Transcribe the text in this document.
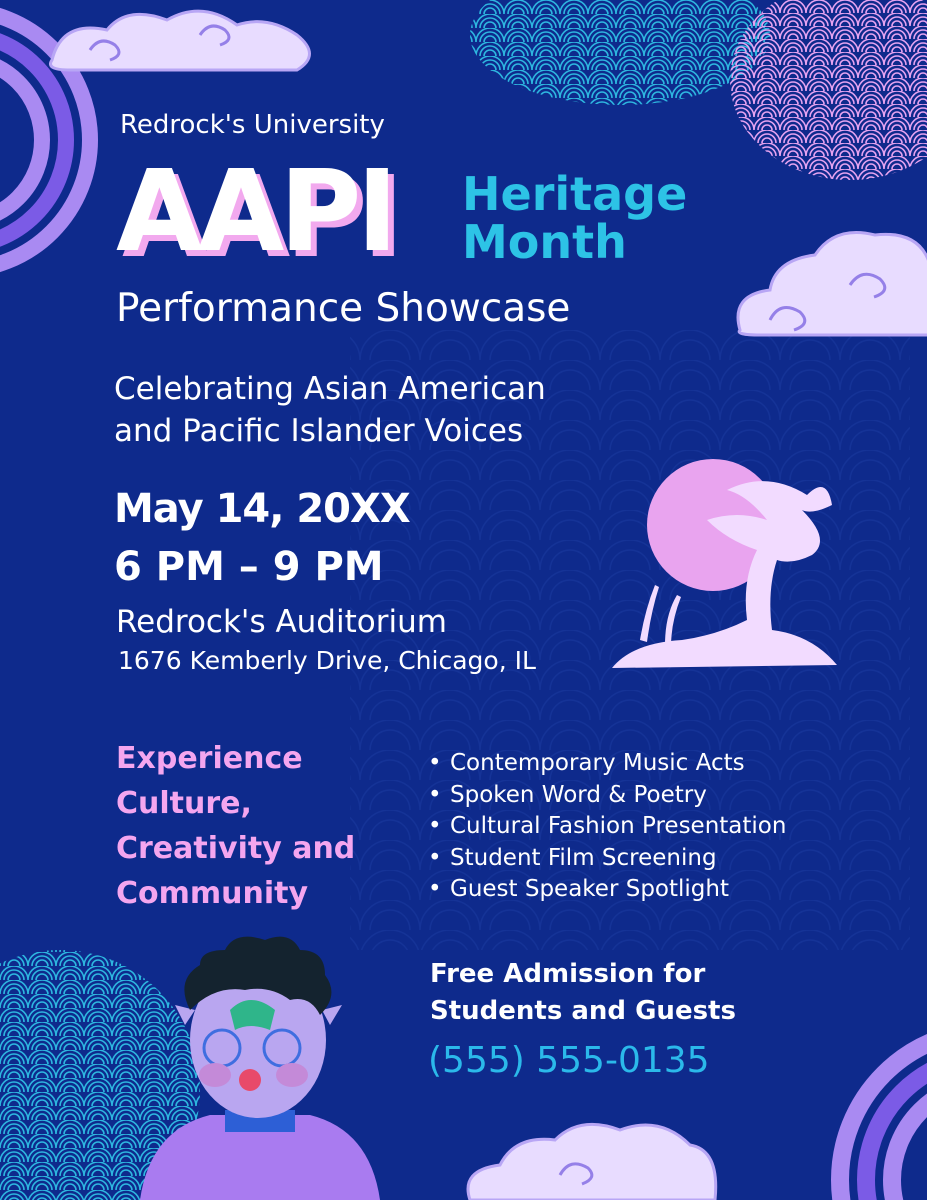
Redrock's University

AAPI Heritage Month

Performance Showcase

Celebrating Asian American and Pacific Islander Voices

May 14, 20XX

6 PM – 9 PM

Redrock's Auditorium

1676 Kemberly Drive, Chicago, IL

Experience Culture, Creativity and Community

• Contemporary Music Acts
• Spoken Word & Poetry
• Cultural Fashion Presentation
• Student Film Screening
• Guest Speaker Spotlight

Free Admission for Students and Guests

(555) 555-0135
